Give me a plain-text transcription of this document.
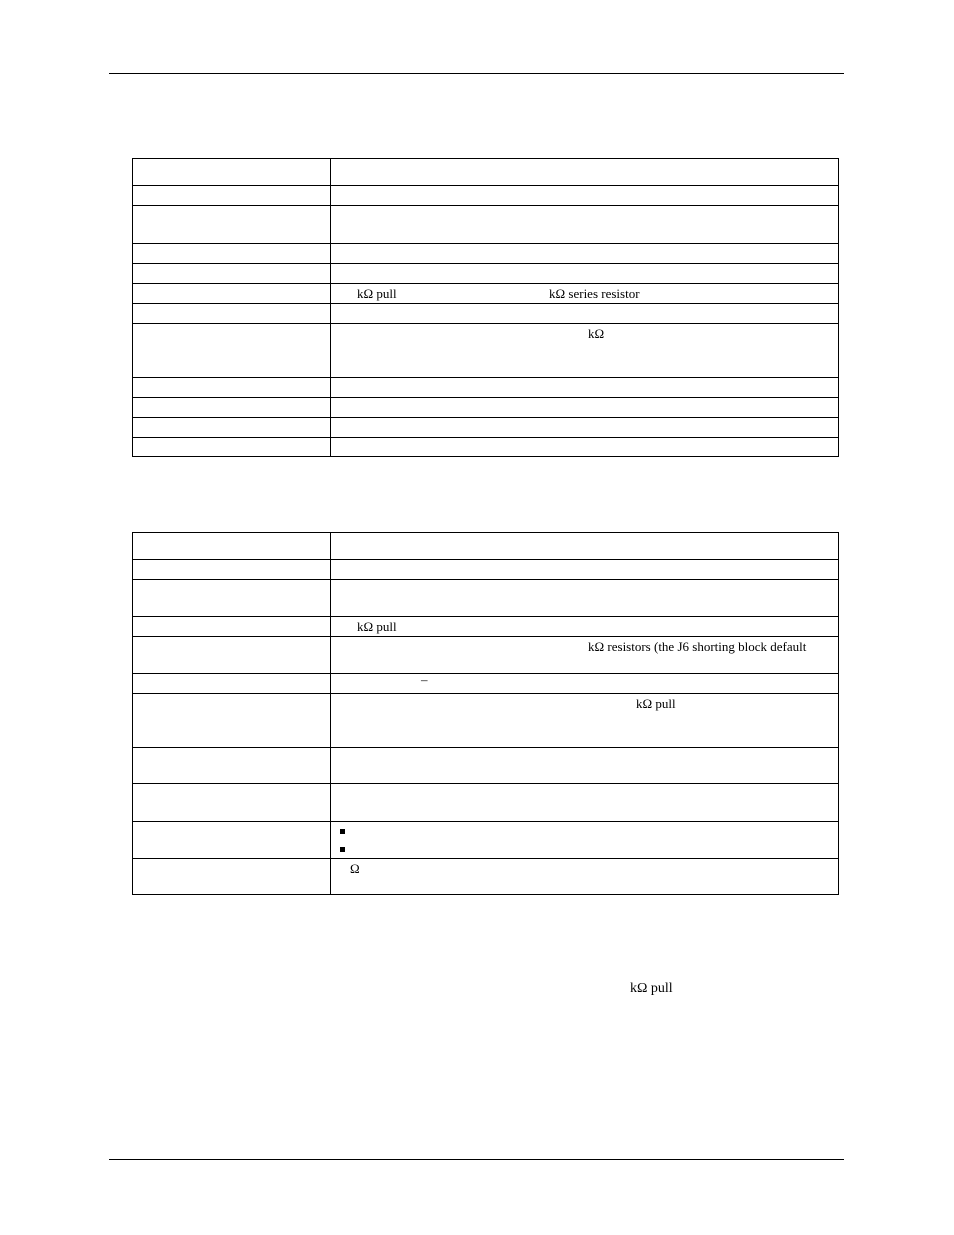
	kΩ pull kΩ series resistor

	kΩ

	kΩ pull

	kΩ resistors (the J6 shorting block default

	–

	kΩ pull

	Ω
kΩ pull
